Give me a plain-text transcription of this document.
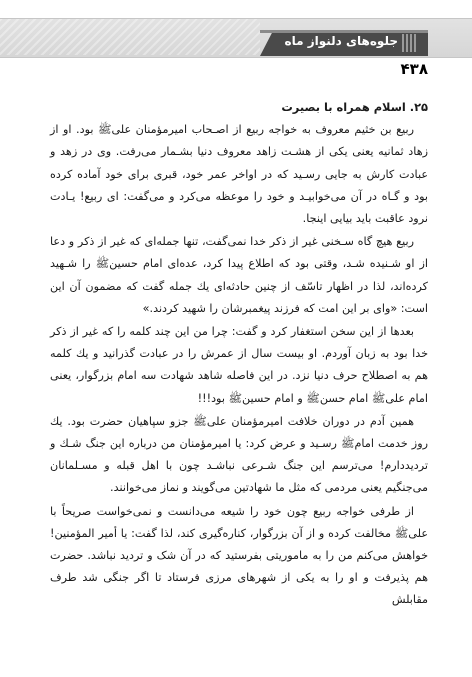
جلوه‌های دلنواز ماه
۴۳۸

۲۵. اسلام همراه با بصیرت

ربیع بن خثیم معروف به خواجه ربیع از اصـحاب امیرمؤمنان علی‌ﷺ بود. او از زهاد ثمانیه یعنی یکی از هشـت زاهد معروف دنیا بشـمار می‌رفت. وی در زهد و عبادت کارش به جایی رسـید که در اواخر عمر خود، قبری برای خود آماده کرده بود و گـاه در آن می‌خوابیـد و خود را موعظه می‌کرد و می‌گفت: ای ربیع! یـادت نرود عاقبت باید بیایی اینجا.

ربیع هیچ گاه سـخنی غیر از ذکر خدا نمی‌گفت، تنها جمله‌ای که غیر از ذکر و دعا از او شـنیده شـد، وقتی بود که اطلاع پیدا کرد، عده‌ای امام حسین‌ﷺ را شـهید کرده‌اند، لذا در اظهار تاسّف از چنین حادثه‌ای یك جمله گفت که مضمون آن این است: «وای بر این امت که فرزند پیغمبرشان را شهید کردند.»

بعدها از این سخن استغفار کرد و گفت: چرا من این چند کلمه را که غیر از ذکر خدا بود به زبان آوردم. او بیست سال از عمرش را در عبادت گذرانید و یك کلمه هم به اصطلاح حرف دنیا نزد. در این فاصله شاهد شهادت سه امام بزرگوار، یعنی امام علی‌ﷺ امام حسن‌ﷺ و امام حسین‌ﷺ بود!!!

همین آدم در دوران خلافت امیرمؤمنان علی‌ﷺ جزو سپاهیان حضرت بود. یك روز خدمت امام‌ﷺ رسـید و عرض کرد: یا امیرمؤمنان من درباره این جنگ شـك و تردیددارم! می‌ترسم این جنگ شـرعی نباشـد چون با اهل قبله و مسـلمانان می‌جنگیم یعنی مردمی که مثل ما شهادتین می‌گویند و نماز می‌خوانند.

از طرفی خواجه ربیع چون خود را شیعه می‌دانست و نمی‌خواست صریحاً با علی‌ﷺ مخالفت کرده و از آن بزرگوار، کناره‌گیری کند، لذا گفت: یا أمیر المؤمنین! خواهش می‌کنم من را به ماموریتی بفرستید که در آن شک و تردید نباشد. حضرت هم پذیرفت و او را به یکی از شهرهای مرزی فرستاد تا اگر جنگی شد طرف مقابلش
